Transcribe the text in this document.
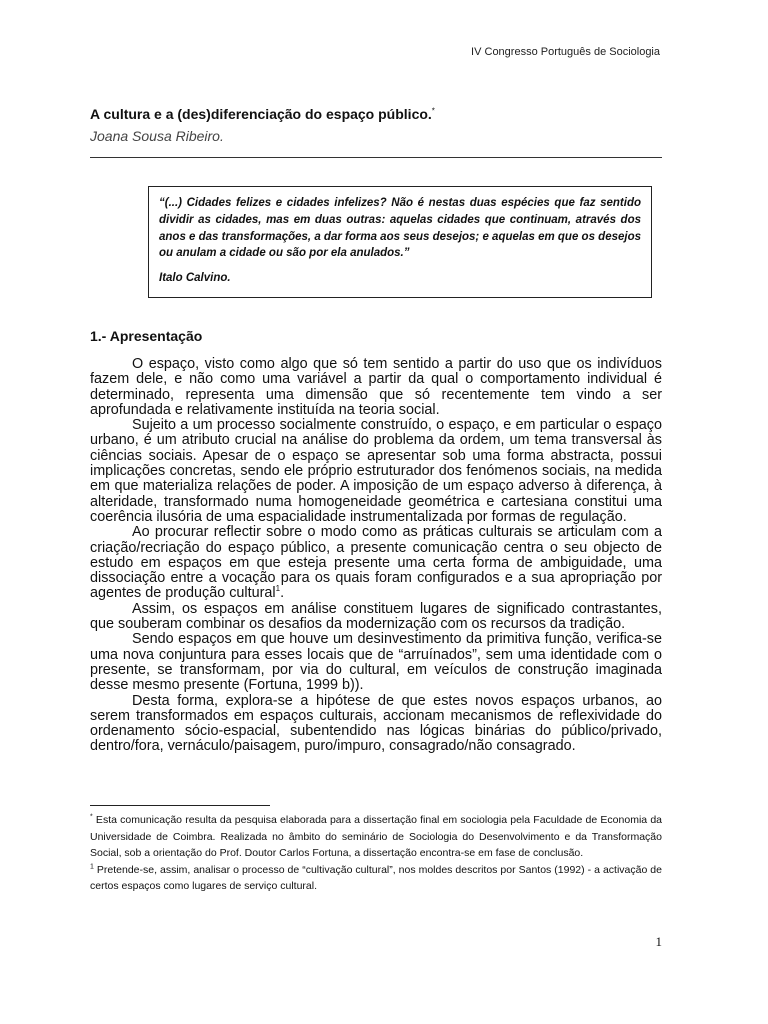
IV Congresso Português de Sociologia
A cultura e a (des)diferenciação do espaço público.*
Joana Sousa Ribeiro.

“(...) Cidades felizes e cidades infelizes? Não é nestas duas espécies que faz sentido dividir as cidades, mas em duas outras: aquelas cidades que continuam, através dos anos e das transformações, a dar forma aos seus desejos; e aquelas em que os desejos ou anulam a cidade ou são por ela anulados.”

Italo Calvino.

1.- Apresentação

O espaço, visto como algo que só tem sentido a partir do uso que os indivíduos fazem dele, e não como uma variável a partir da qual o comportamento individual é determinado, representa uma dimensão que só recentemente tem vindo a ser aprofundada e relativamente instituída na teoria social.

Sujeito a um processo socialmente construído, o espaço, e em particular o espaço urbano, é um atributo crucial na análise do problema da ordem, um tema transversal às ciências sociais. Apesar de o espaço se apresentar sob uma forma abstracta, possui implicações concretas, sendo ele próprio estruturador dos fenómenos sociais, na medida em que materializa relações de poder. A imposição de um espaço adverso à diferença, à alteridade, transformado numa homogeneidade geométrica e cartesiana constitui uma coerência ilusória de uma espacialidade instrumentalizada por formas de regulação.

Ao procurar reflectir sobre o modo como as práticas culturais se articulam com a criação/recriação do espaço público, a presente comunicação centra o seu objecto de estudo em espaços em que esteja presente uma certa forma de ambiguidade, uma dissociação entre a vocação para os quais foram configurados e a sua apropriação por agentes de produção cultural$^1$.

Assim, os espaços em análise constituem lugares de significado contrastantes, que souberam combinar os desafios da modernização com os recursos da tradição.

Sendo espaços em que houve um desinvestimento da primitiva função, verifica-se uma nova conjuntura para esses locais que de “arruínados”, sem uma identidade com o presente, se transformam, por via do cultural, em veículos de construção imaginada desse mesmo presente (Fortuna, 1999 b)).

Desta forma, explora-se a hipótese de que estes novos espaços urbanos, ao serem transformados em espaços culturais, accionam mecanismos de reflexividade do ordenamento sócio-espacial, subentendido nas lógicas binárias do público/privado, dentro/fora, vernáculo/paisagem, puro/impuro, consagrado/não consagrado.

* Esta comunicação resulta da pesquisa elaborada para a dissertação final em sociologia pela Faculdade de Economia da Universidade de Coimbra. Realizada no âmbito do seminário de Sociologia do Desenvolvimento e da Transformação Social, sob a orientação do Prof. Doutor Carlos Fortuna, a dissertação encontra-se em fase de conclusão.

$^1$ Pretende-se, assim, analisar o processo de “cultivação cultural”, nos moldes descritos por Santos (1992) - a activação de certos espaços como lugares de serviço cultural.

1
